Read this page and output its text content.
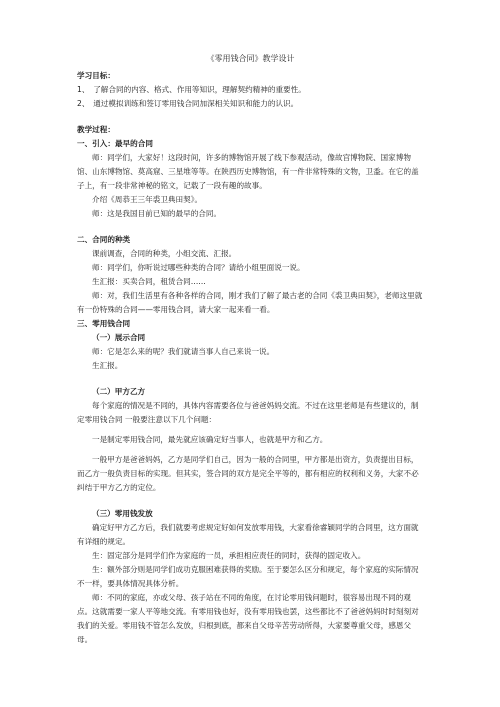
《零用钱合同》教学设计

学习目标：

1、　了解合同的内容、格式、作用等知识，理解契约精神的重要性。

2、　通过模拟训练和签订零用钱合同加深相关知识和能力的认识。

教学过程：

一、引入：最早的合同

师：同学们，大家好！这段时间，许多的博物馆开展了线下参观活动，像故宫博物院、国家博物馆、山东博物馆、莫高窟、三星堆等等。在陕西历史博物馆，有一件非常特殊的文物，卫盉。在它的盖子上，有一段非常神秘的铭文，记载了一段有趣的故事。

介绍《周恭王三年裘卫典田契》。

师：这是我国目前已知的最早的合同。

二、合同的种类

课前调查，合同的种类，小组交流、汇报。

师：同学们，你听说过哪些种类的合同？请给小组里面说一说。

生汇报：买卖合同，租赁合同……

师：对，我们生活里有各种各样的合同，刚才我们了解了最古老的合同《裘卫典田契》，老师这里就有一份特殊的合同——零用钱合同，请大家一起来看一看。

三、零用钱合同

（一）展示合同

师：它是怎么来的呢？我们就请当事人自己来说一说。

生汇报。

（二）甲方乙方

每个家庭的情况是不同的，具体内容需要各位与爸爸妈妈交流。不过在这里老师是有些建议的，制定零用钱合同 一般要注意以下几个问题：

一是制定零用钱合同，最先就应该确定好当事人，也就是甲方和乙方。

一般甲方是爸爸妈妈，乙方是同学们自己，因为一般的合同里，甲方都是出资方，负责提出目标，而乙方一般负责目标的实现。但其实，签合同的双方是完全平等的，都有相应的权利和义务，大家不必纠结于甲方乙方的定位。

（三）零用钱发放

确定好甲方乙方后，我们就要考虑规定好如何发放零用钱，大家看徐睿颖同学的合同里，这方面就有详细的规定。

生：固定部分是同学们作为家庭的一员，承担相应责任的同时，获得的固定收入。

生：额外部分则是同学们成功克服困难获得的奖励。至于要怎么区分和规定，每个家庭的实际情况不一样，要具体情况具体分析。

师：不同的家庭，亦或父母、孩子站在不同的角度，在讨论零用钱问题时，很容易出现不同的观点。这就需要一家人平等地交流。有零用钱也好，没有零用钱也罢，这些都比不了爸爸妈妈时时刻刻对我们的关爱。零用钱不管怎么发放，归根到底，都来自父母辛苦劳动所得，大家要尊重父母，感恩父母。
